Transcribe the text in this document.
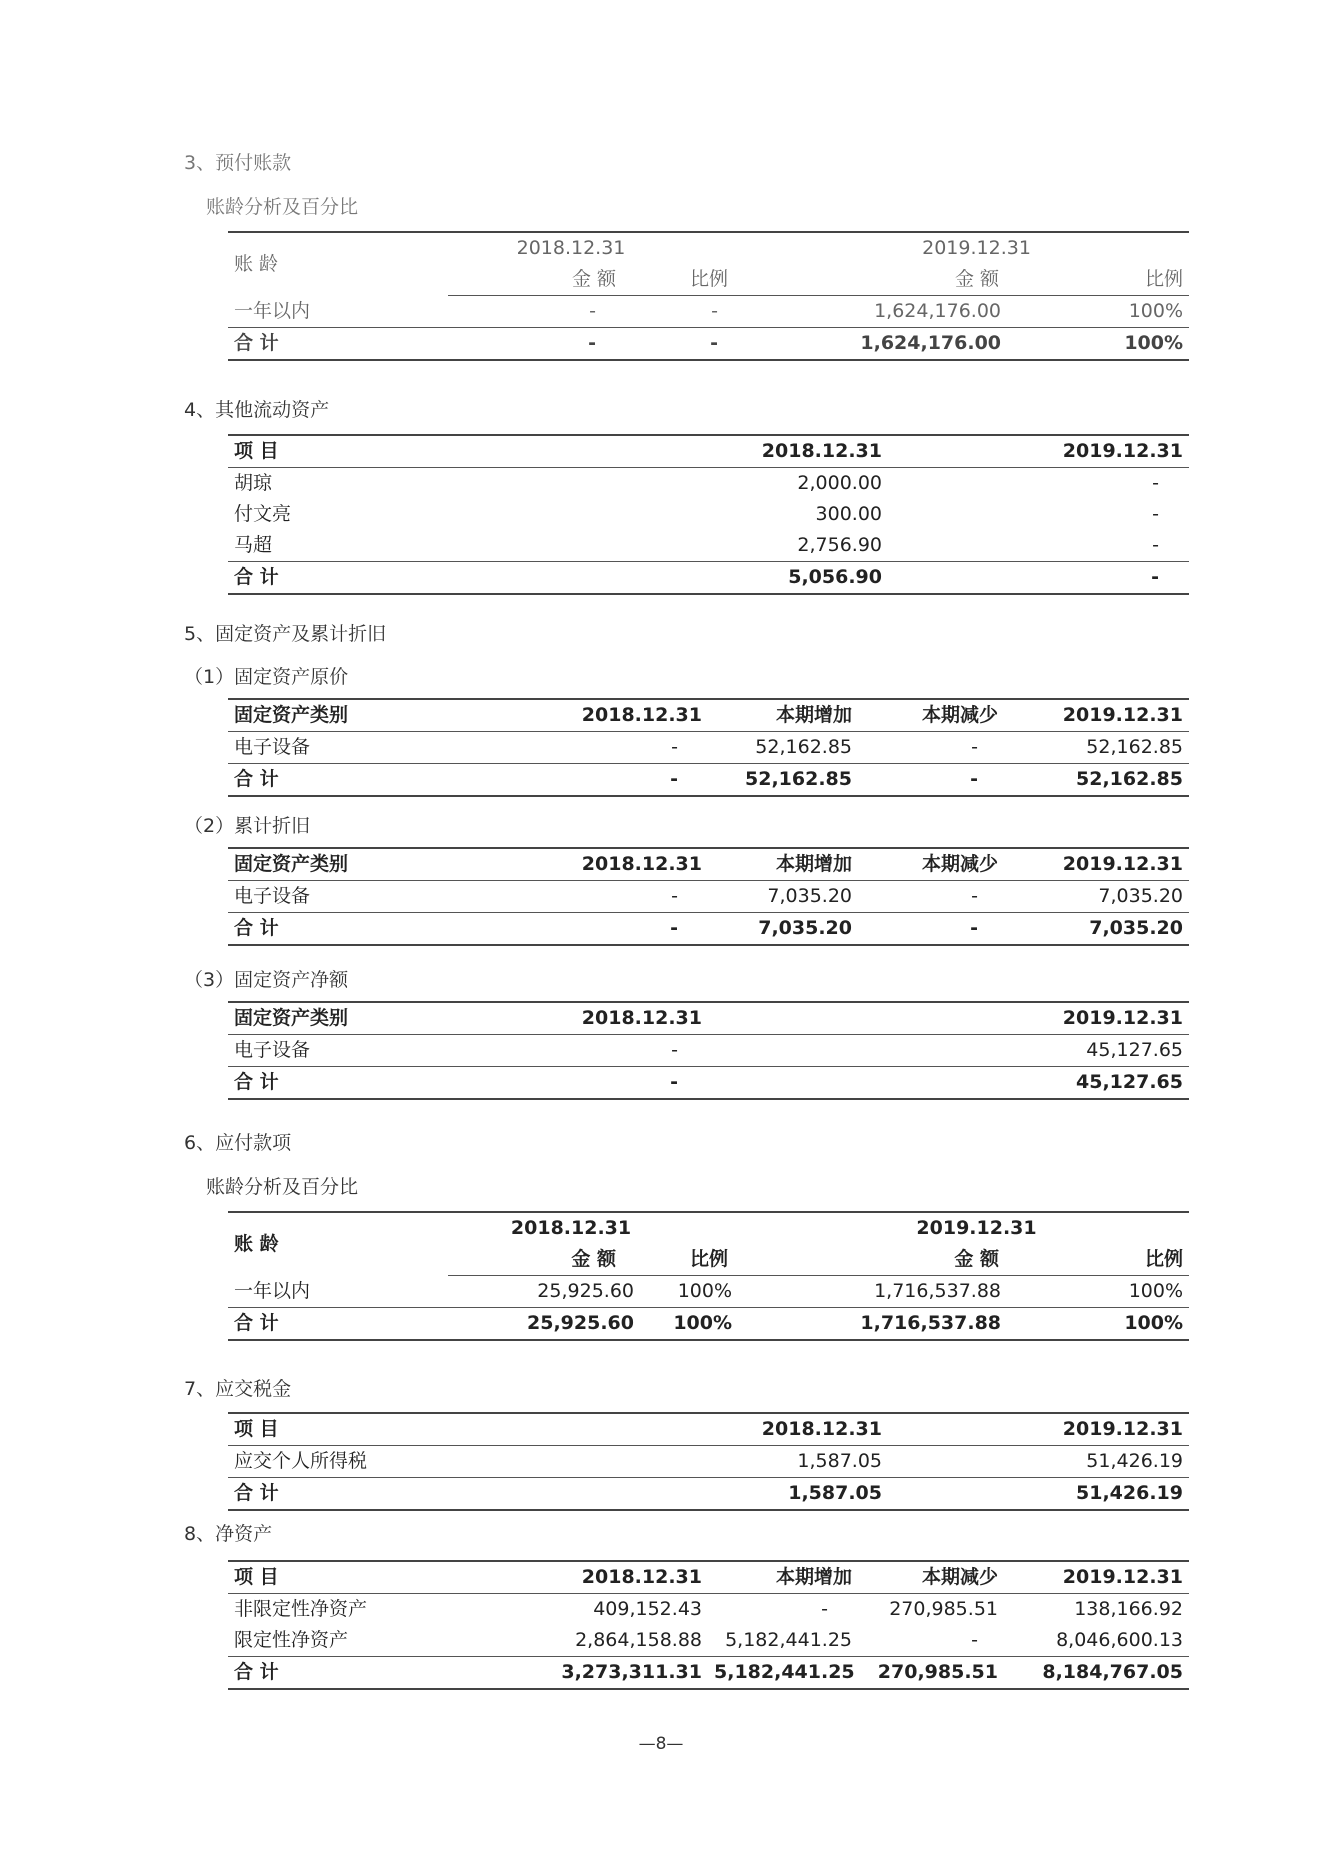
3、预付账款
账龄分析及百分比
账 龄	2018.12.31		2019.12.31	
	金 额	比例	金 额	比例
一年以内	-	-	1,624,176.00	100%
合 计	-	-	1,624,176.00	100%
4、其他流动资产
项 目	2018.12.31	2019.12.31
胡琼	2,000.00	-
付文亮	300.00	-
马超	2,756.90	-
合 计	5,056.90	-
5、固定资产及累计折旧
（1）固定资产原价
固定资产类别	2018.12.31	本期增加	本期减少	2019.12.31
电子设备	-	52,162.85	-	52,162.85
合 计	-	52,162.85	-	52,162.85
（2）累计折旧
固定资产类别	2018.12.31	本期增加	本期减少	2019.12.31
电子设备	-	7,035.20	-	7,035.20
合 计	-	7,035.20	-	7,035.20
（3）固定资产净额
固定资产类别	2018.12.31	2019.12.31
电子设备	-	45,127.65
合 计	-	45,127.65
6、应付款项
账龄分析及百分比
账 龄	2018.12.31		2019.12.31	
	金 额	比例	金 额	比例
一年以内	25,925.60	100%	1,716,537.88	100%
合 计	25,925.60	100%	1,716,537.88	100%
7、应交税金
项 目	2018.12.31	2019.12.31
应交个人所得税	1,587.05	51,426.19
合 计	1,587.05	51,426.19
8、净资产
项 目	2018.12.31	本期增加	本期减少	2019.12.31
非限定性净资产	409,152.43	-	270,985.51	138,166.92
限定性净资产	2,864,158.88	5,182,441.25	-	8,046,600.13
合 计	3,273,311.31	5,182,441.25	270,985.51	8,184,767.05
—8—
